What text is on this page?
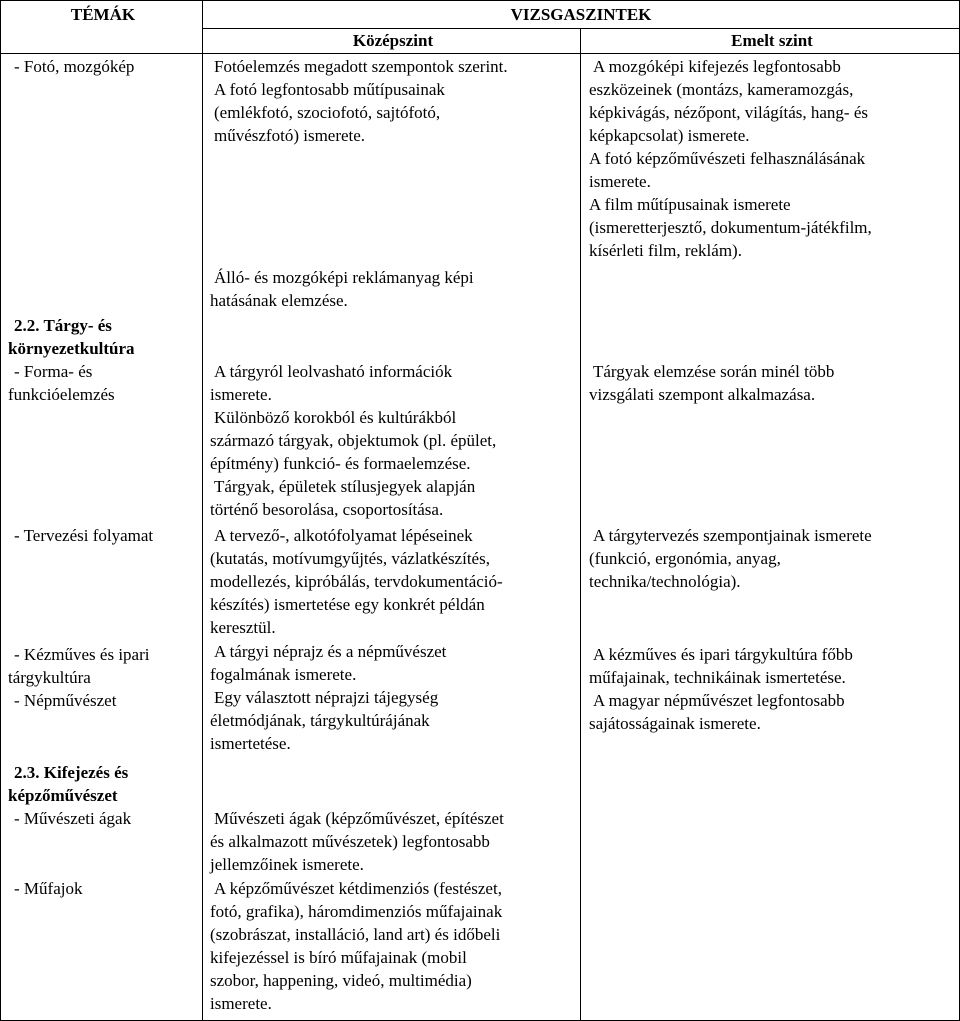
TÉMÁK	VIZSGASZINTEK
Középszint	Emelt szint
- Fotó, mozgókép
2.2. Tárgy- és
környezetkultúra
- Forma- és
funkcióelemzés
- Tervezési folyamat
- Kézműves és ipari
tárgykultúra
- Népművészet
2.3. Kifejezés és
képzőművészet
- Művészeti ágak
- Műfajok
Fotóelemzés megadott szempontok szerint.
A fotó legfontosabb műtípusainak
(emlékfotó, szociofotó, sajtófotó,
művészfotó) ismerete.
Álló- és mozgóképi reklámanyag képi
hatásának elemzése.
A tárgyról leolvasható információk
ismerete.
Különböző korokból és kultúrákból
származó tárgyak, objektumok (pl. épület,
építmény) funkció- és formaelemzése.
Tárgyak, épületek stílusjegyek alapján
történő besorolása, csoportosítása.
A tervező-, alkotófolyamat lépéseinek
(kutatás, motívumgyűjtés, vázlatkészítés,
modellezés, kipróbálás, tervdokumentáció-
készítés) ismertetése egy konkrét példán
keresztül.
A tárgyi néprajz és a népművészet
fogalmának ismerete.
Egy választott néprajzi tájegység
életmódjának, tárgykultúrájának
ismertetése.
Művészeti ágak (képzőművészet, építészet
és alkalmazott művészetek) legfontosabb
jellemzőinek ismerete.
A képzőművészet kétdimenziós (festészet,
fotó, grafika), háromdimenziós műfajainak
(szobrászat, installáció, land art) és időbeli
kifejezéssel is bíró műfajainak (mobil
szobor, happening, videó, multimédia)
ismerete.
A mozgóképi kifejezés legfontosabb
eszközeinek (montázs, kameramozgás,
képkivágás, nézőpont, világítás, hang- és
képkapcsolat) ismerete.
A fotó képzőművészeti felhasználásának
ismerete.
A film műtípusainak ismerete
(ismeretterjesztő, dokumentum-játékfilm,
kísérleti film, reklám).
Tárgyak elemzése során minél több
vizsgálati szempont alkalmazása.
A tárgytervezés szempontjainak ismerete
(funkció, ergonómia, anyag,
technika/technológia).
A kézműves és ipari tárgykultúra főbb
műfajainak, technikáinak ismertetése.
A magyar népművészet legfontosabb
sajátosságainak ismerete.
